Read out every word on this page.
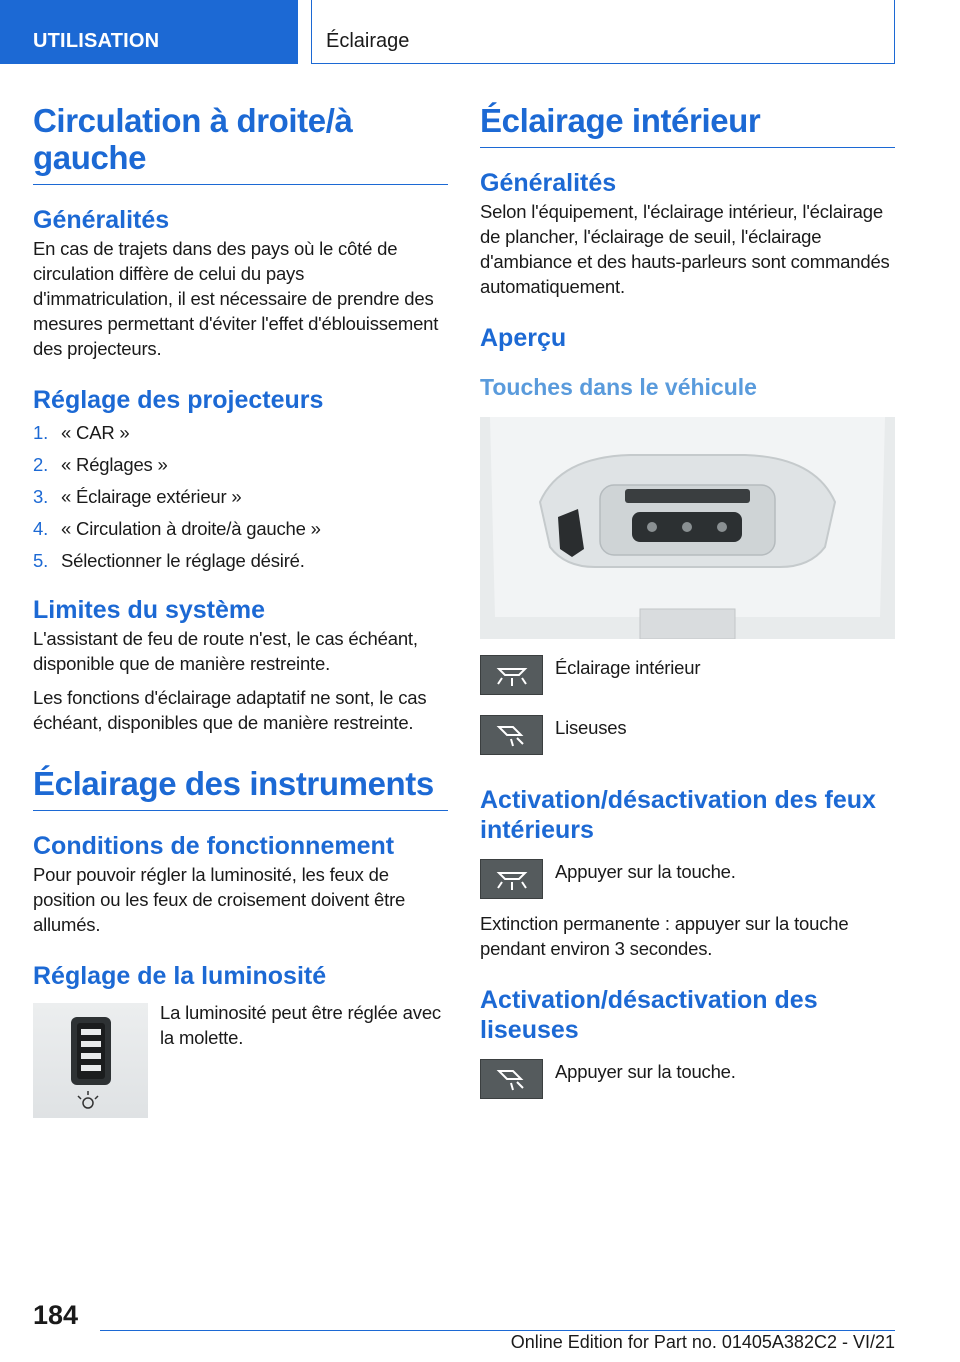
UTILISATION	Éclairage
Circulation à droite/à gauche
Généralités

En cas de trajets dans des pays où le côté de circulation diffère de celui du pays d'immatriculation, il est nécessaire de prendre des mesures permettant d'éviter l'effet d'éblouissement des projecteurs.

Réglage des projecteurs
1. « CAR »
2. « Réglages »
3. « Éclairage extérieur »
4. « Circulation à droite/à gauche »
5. Sélectionner le réglage désiré.
Limites du système

L'assistant de feu de route n'est, le cas échéant, disponible que de manière restreinte.

Les fonctions d'éclairage adaptatif ne sont, le cas échéant, disponibles que de manière restreinte.

Éclairage des instruments
Conditions de fonctionnement

Pour pouvoir régler la luminosité, les feux de position ou les feux de croisement doivent être allumés.

Réglage de la luminosité

La luminosité peut être réglée avec la molette.

Éclairage intérieur
Généralités

Selon l'équipement, l'éclairage intérieur, l'éclairage de plancher, l'éclairage de seuil, l'éclairage d'ambiance et des hauts-parleurs sont commandés automatiquement.

Aperçu
Touches dans le véhicule
Éclairage intérieur
Liseuses
Activation/désactivation des feux intérieurs
Appuyer sur la touche.

Extinction permanente : appuyer sur la touche pendant environ 3 secondes.

Activation/désactivation des liseuses
Appuyer sur la touche.
184
Online Edition for Part no. 01405A382C2 - VI/21
